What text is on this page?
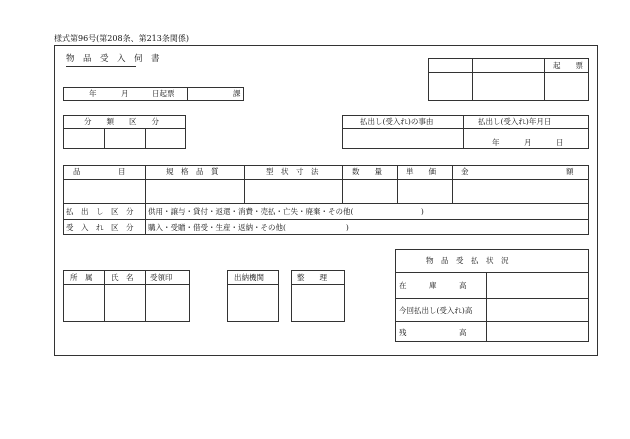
様式第96号(第208条、第213条関係)
物　品　受　入　伺　書
起　　票
年	月	日起票	課
分　　類　　区　　分	払出し(受入れ)の事由	払出し(受入れ)年月日
年	月	日
品　　　　　目	規　格　品　質	型　状　寸　法	数　　量	単　　価	金	額
払　出　し　区　分 供用・譲与・貸付・返還・消費・売払・亡失・廃棄・その他(　　　　　　　　　)
受　入　れ　区　分 購入・受贈・借受・生産・返納・その他(　　　　　　　　)
所　属 氏　名 受領印	出納機関	整　　理
物　品　受　払　状　況
在　　　庫　　　高
今回払出し(受入れ)高
残　　　　　　　高
